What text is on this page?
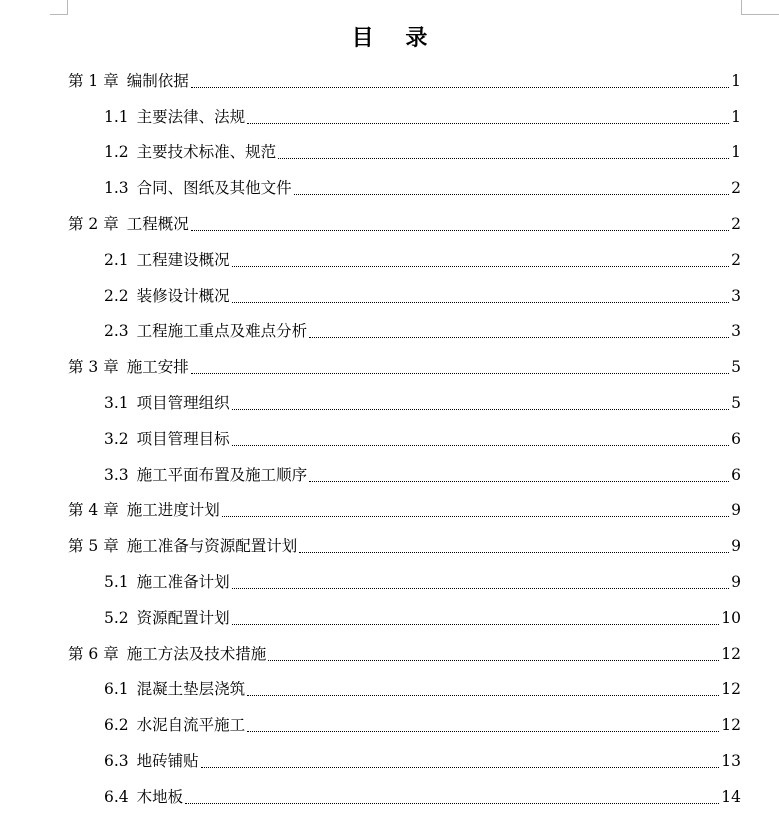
目 录
第 1 章 编制依据	1
1.1 主要法律、法规	1
1.2 主要技术标准、规范	1
1.3 合同、图纸及其他文件	2
第 2 章 工程概况	2
2.1 工程建设概况	2
2.2 装修设计概况	3
2.3 工程施工重点及难点分析	3
第 3 章 施工安排	5
3.1 项目管理组织	5
3.2 项目管理目标	6
3.3 施工平面布置及施工顺序	6
第 4 章 施工进度计划	9
第 5 章 施工准备与资源配置计划	9
5.1 施工准备计划	9
5.2 资源配置计划	10
第 6 章 施工方法及技术措施	12
6.1 混凝土垫层浇筑	12
6.2 水泥自流平施工	12
6.3 地砖铺贴	13
6.4 木地板	14
